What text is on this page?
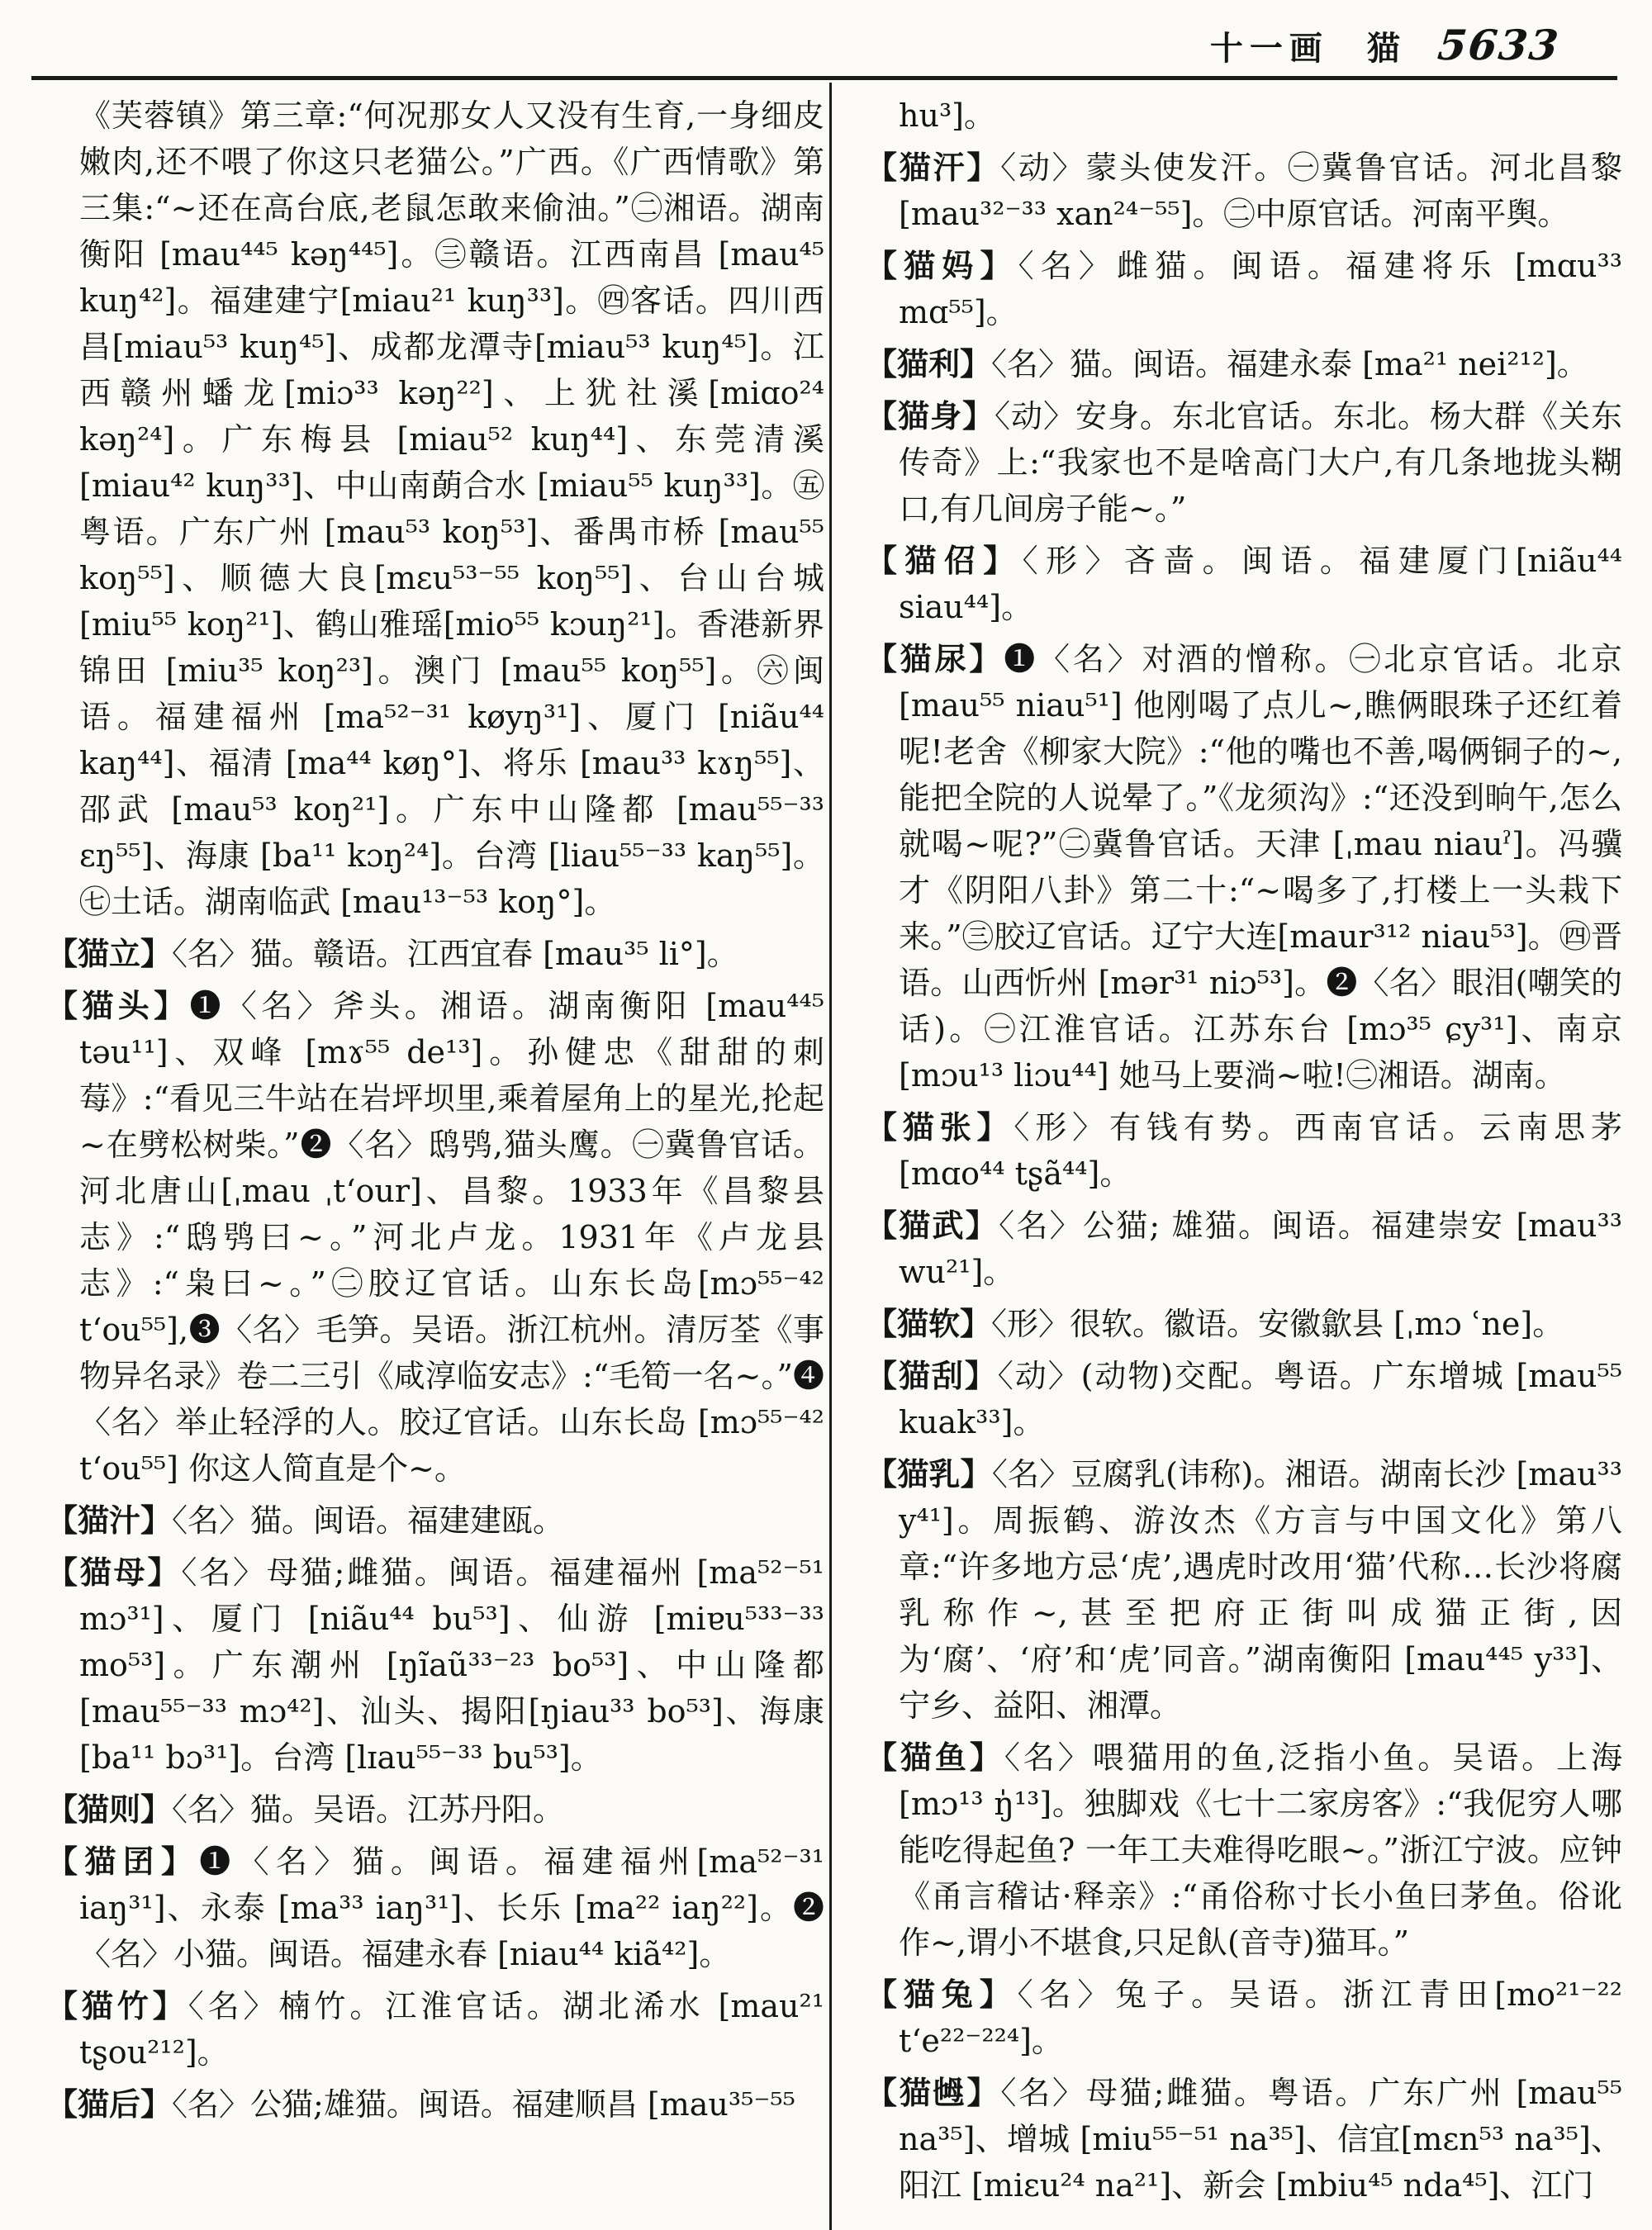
十一画 猫 5633

《芙蓉镇》第三章:“何况那女人又没有生育,一身细皮嫩肉,还不喂了你这只老猫公。”广西。《广西情歌》第三集:“~还在高台底,老鼠怎敢来偷油。”㊁湘语。湖南衡阳 [mau⁴⁴⁵ kəŋ⁴⁴⁵]。㊂赣语。江西南昌 [mau⁴⁵ kuŋ⁴²]。福建建宁[miau²¹ kuŋ³³]。㊃客话。四川西昌[miau⁵³ kuŋ⁴⁵]、成都龙潭寺[miau⁵³ kuŋ⁴⁵]。江西赣州蟠龙[miɔ³³ kəŋ²²]、上犹社溪[miɑo²⁴ kəŋ²⁴]。广东梅县 [miau⁵² kuŋ⁴⁴]、东莞清溪 [miau⁴² kuŋ³³]、中山南蓢合水 [miau⁵⁵ kuŋ³³]。㊄粤语。广东广州 [mau⁵³ koŋ⁵³]、番禺市桥 [mau⁵⁵ koŋ⁵⁵]、顺德大良[mɛu⁵³⁻⁵⁵ koŋ⁵⁵]、台山台城 [miu⁵⁵ koŋ²¹]、鹤山雅瑶[mio⁵⁵ kɔuŋ²¹]。香港新界锦田 [miu³⁵ koŋ²³]。澳门 [mau⁵⁵ koŋ⁵⁵]。㊅闽语。福建福州 [ma⁵²⁻³¹ køyŋ³¹]、厦门 [niãu⁴⁴ kaŋ⁴⁴]、福清 [ma⁴⁴ køŋ°]、将乐 [mau³³ kɤŋ⁵⁵]、邵武 [mau⁵³ koŋ²¹]。广东中山隆都 [mau⁵⁵⁻³³ ɛŋ⁵⁵]、海康 [ba¹¹ kɔŋ²⁴]。台湾 [liau⁵⁵⁻³³ kaŋ⁵⁵]。㊆土话。湖南临武 [mau¹³⁻⁵³ koŋ°]。

【猫立】〈名〉猫。赣语。江西宜春 [mau³⁵ li°]。

【猫头】❶〈名〉斧头。湘语。湖南衡阳 [mau⁴⁴⁵ təu¹¹]、双峰 [mɤ⁵⁵ de¹³]。孙健忠《甜甜的刺莓》:“看见三牛站在岩坪坝里,乘着屋角上的星光,抡起~在劈松树柴。”❷〈名〉鸱鸮,猫头鹰。㊀冀鲁官话。河北唐山[ˌmau ˌtʻour]、昌黎。1933年《昌黎县志》:“鸱鸮曰~。”河北卢龙。1931年《卢龙县志》:“枭曰~。”㊁胶辽官话。山东长岛[mɔ⁵⁵⁻⁴² tʻou⁵⁵],❸〈名〉毛笋。吴语。浙江杭州。清厉荃《事物异名录》卷二三引《咸淳临安志》:“毛筍一名~。”❹〈名〉举止轻浮的人。胶辽官话。山东长岛 [mɔ⁵⁵⁻⁴² tʻou⁵⁵] 你这人简直是个~。

【猫汁】〈名〉猫。闽语。福建建瓯。

【猫母】〈名〉母猫;雌猫。闽语。福建福州 [ma⁵²⁻⁵¹ mɔ³¹]、厦门 [niãu⁴⁴ bu⁵³]、仙游 [miɐu⁵³³⁻³³ mo⁵³]。广东潮州 [ŋĩaũ³³⁻²³ bo⁵³]、中山隆都[mau⁵⁵⁻³³ mɔ⁴²]、汕头、揭阳[ŋiau³³ bo⁵³]、海康[ba¹¹ bɔ³¹]。台湾 [lɪau⁵⁵⁻³³ bu⁵³]。

【猫则】〈名〉猫。吴语。江苏丹阳。

【猫囝】❶〈名〉猫。闽语。福建福州[ma⁵²⁻³¹ iaŋ³¹]、永泰 [ma³³ iaŋ³¹]、长乐 [ma²² iaŋ²²]。❷〈名〉小猫。闽语。福建永春 [niau⁴⁴ kiã⁴²]。

【猫竹】〈名〉楠竹。江淮官话。湖北浠水 [mau²¹ tʂou²¹²]。

【猫后】〈名〉公猫;雄猫。闽语。福建顺昌 [mau³⁵⁻⁵⁵

hu³]。

【猫汗】〈动〉蒙头使发汗。㊀冀鲁官话。河北昌黎 [mau³²⁻³³ xan²⁴⁻⁵⁵]。㊁中原官话。河南平舆。

【猫妈】〈名〉雌猫。闽语。福建将乐 [mɑu³³ mɑ⁵⁵]。

【猫利】〈名〉猫。闽语。福建永泰 [ma²¹ nei²¹²]。

【猫身】〈动〉安身。东北官话。东北。杨大群《关东传奇》上:“我家也不是啥高门大户,有几条地拢头糊口,有几间房子能~。”

【猫佋】〈形〉吝啬。闽语。福建厦门[niãu⁴⁴ siau⁴⁴]。

【猫尿】❶〈名〉对酒的憎称。㊀北京官话。北京[mau⁵⁵ niau⁵¹] 他刚喝了点儿~,瞧俩眼珠子还红着呢!老舍《柳家大院》:“他的嘴也不善,喝俩铜子的~,能把全院的人说晕了。”《龙须沟》:“还没到晌午,怎么就喝~呢?”㊁冀鲁官话。天津 [ˌmau niauˀ]。冯骥才《阴阳八卦》第二十:“~喝多了,打楼上一头栽下来。”㊂胶辽官话。辽宁大连[maur³¹² niau⁵³]。㊃晋语。山西忻州 [mər³¹ niɔ⁵³]。❷〈名〉眼泪(嘲笑的话)。㊀江淮官话。江苏东台 [mɔ³⁵ ɕy³¹]、南京[mɔu¹³ liɔu⁴⁴] 她马上要淌~啦!㊁湘语。湖南。

【猫张】〈形〉有钱有势。西南官话。云南思茅 [mɑo⁴⁴ tʂã⁴⁴]。

【猫武】〈名〉公猫; 雄猫。闽语。福建崇安 [mau³³ wu²¹]。

【猫软】〈形〉很软。徽语。安徽歙县 [ˌmɔ ʿne]。

【猫刮】〈动〉(动物)交配。粤语。广东增城 [mau⁵⁵ kuak³³]。

【猫乳】〈名〉豆腐乳(讳称)。湘语。湖南长沙 [mau³³ y⁴¹]。周振鹤、游汝杰《方言与中国文化》第八章:“许多地方忌‘虎’,遇虎时改用‘猫’代称…长沙将腐乳称作~,甚至把府正街叫成猫正街,因为‘腐’、‘府’和‘虎’同音。”湖南衡阳 [mau⁴⁴⁵ y³³]、宁乡、益阳、湘潭。

【猫鱼】〈名〉喂猫用的鱼,泛指小鱼。吴语。上海 [mɔ¹³ ŋ̍¹³]。独脚戏《七十二家房客》:“我伲穷人哪能吃得起鱼? 一年工夫难得吃眼~。”浙江宁波。应钟《甬言稽诂·释亲》:“甬俗称寸长小鱼曰茅鱼。俗讹作~,谓小不堪食,只足飤(音寺)猫耳。”

【猫兔】〈名〉兔子。吴语。浙江青田[mo²¹⁻²² tʻe²²⁻²²⁴]。

【猫乸】〈名〉母猫;雌猫。粤语。广东广州 [mau⁵⁵ na³⁵]、增城 [miu⁵⁵⁻⁵¹ na³⁵]、信宜[mɛn⁵³ na³⁵]、阳江 [miɛu²⁴ na²¹]、新会 [mbiu⁴⁵ nda⁴⁵]、江门
